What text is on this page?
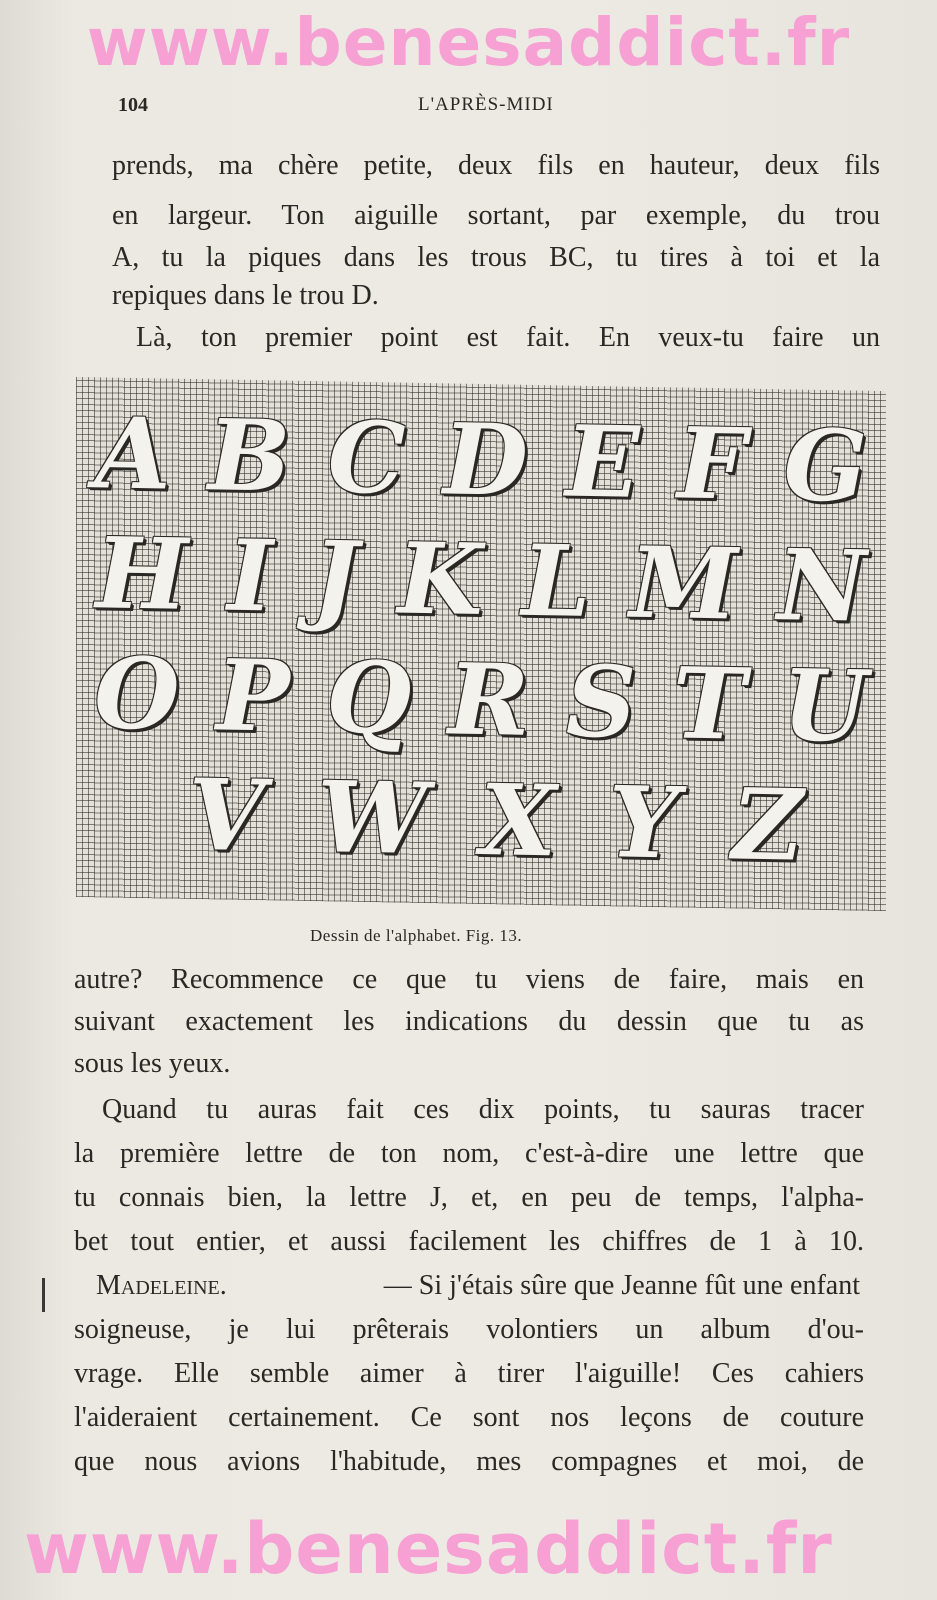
www.benesaddict.fr
104	L'APRÈS-MIDI
prends, ma chère petite, deux fils en hauteur, deux fils
en largeur. Ton aiguille sortant, par exemple, du trou
A, tu la piques dans les trous BC, tu tires à toi et la
repiques dans le trou D.
Là, ton premier point est fait. En veux-tu faire un
A B C D E F G
H I J K L M N
O P Q R S T U
V W X Y Z
Dessin de l'alphabet. Fig. 13.
autre? Recommence ce que tu viens de faire, mais en
suivant exactement les indications du dessin que tu as
sous les yeux.
Quand tu auras fait ces dix points, tu sauras tracer
la première lettre de ton nom, c'est-à-dire une lettre que
tu connais bien, la lettre J, et, en peu de temps, l'alpha-
bet tout entier, et aussi facilement les chiffres de 1 à 10.
Madeleine.	— Si j'étais sûre que Jeanne fût une enfant
soigneuse, je lui prêterais volontiers un album d'ou-
vrage. Elle semble aimer à tirer l'aiguille! Ces cahiers
l'aideraient certainement. Ce sont nos leçons de couture
que nous avions l'habitude, mes compagnes et moi, de
www.benesaddict.fr
